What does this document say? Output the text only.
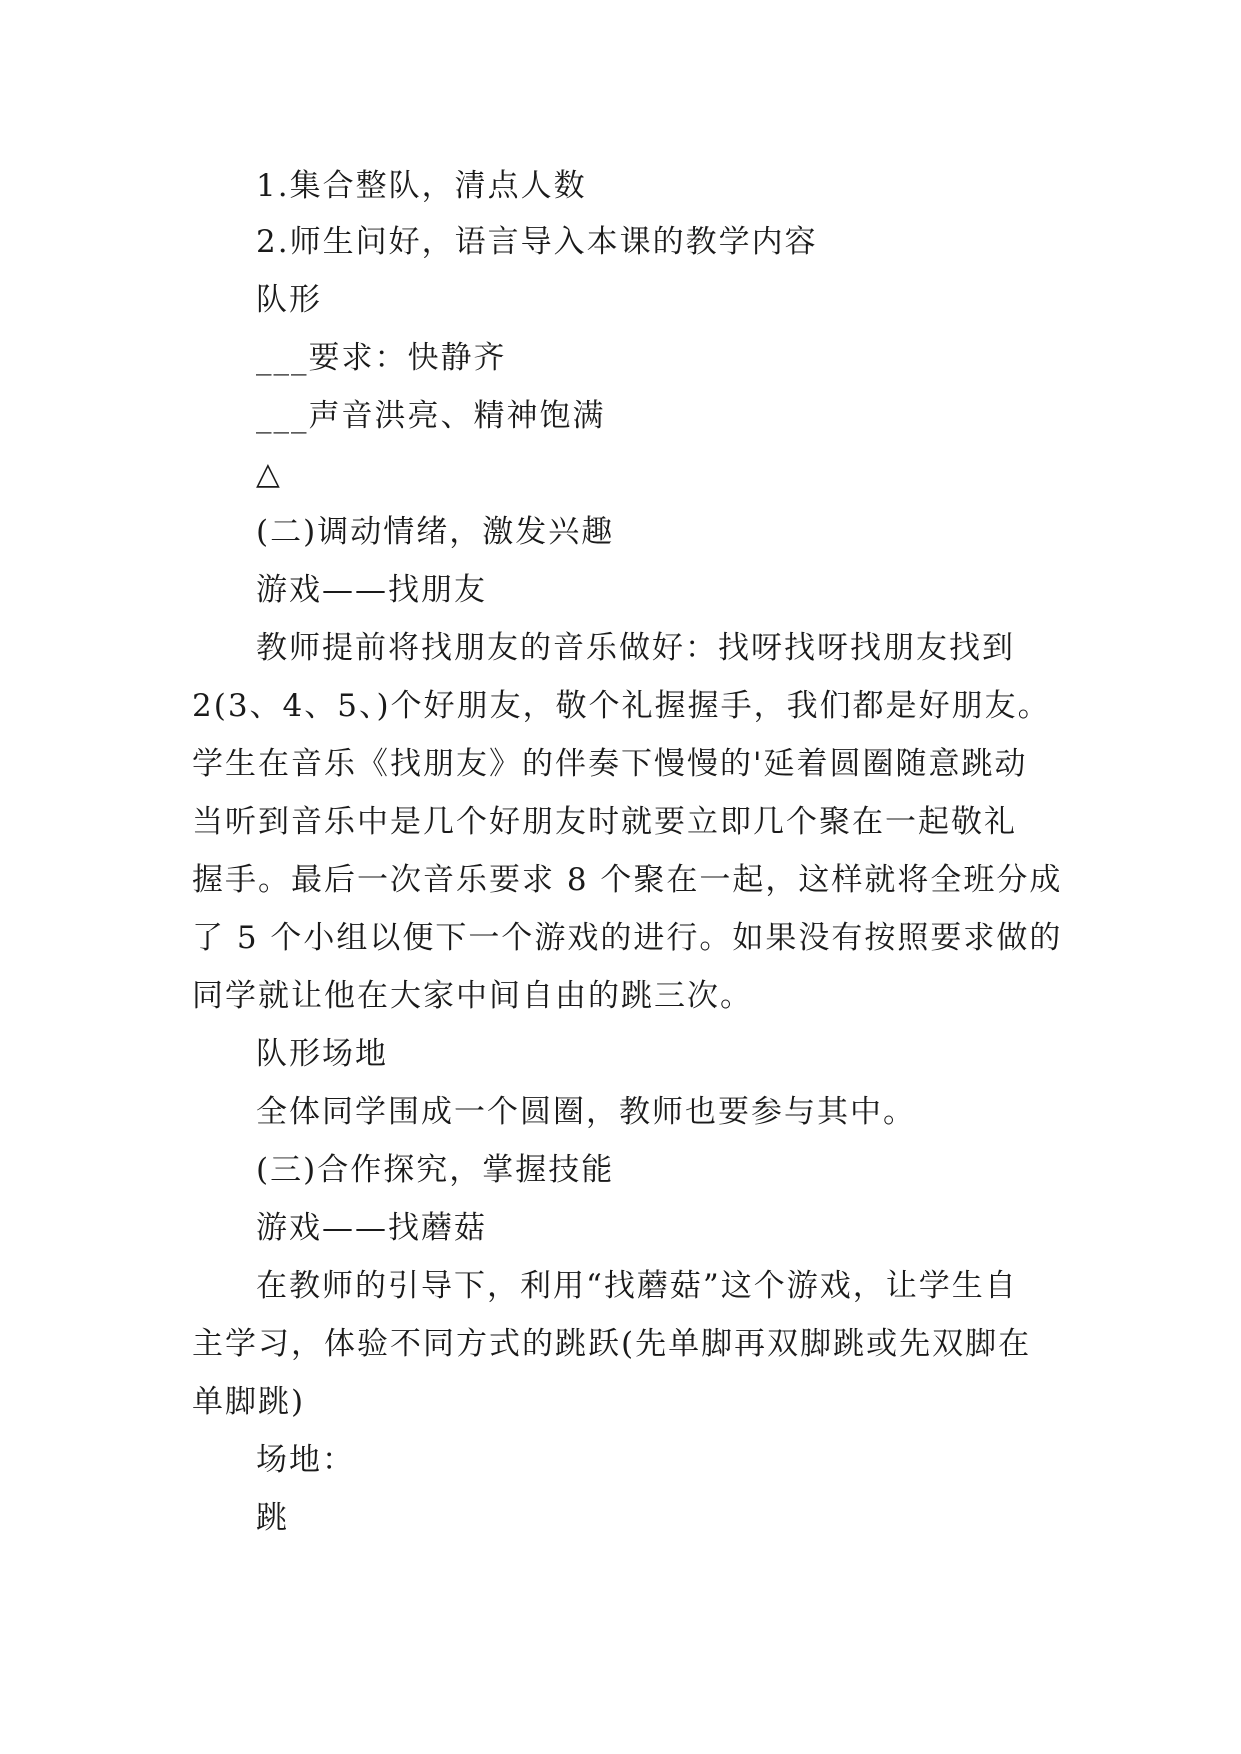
1.集合整队，清点人数
2.师生问好，语言导入本课的教学内容
队形
___要求：快静齐
___声音洪亮、精神饱满
△
(二)调动情绪，激发兴趣
游戏——找朋友
教师提前将找朋友的音乐做好：找呀找呀找朋友找到
2(3、4、5、)个好朋友，敬个礼握握手，我们都是好朋友。
学生在音乐《找朋友》的伴奏下慢慢的'延着圆圈随意跳动
当听到音乐中是几个好朋友时就要立即几个聚在一起敬礼
握手。最后一次音乐要求 8 个聚在一起，这样就将全班分成
了 5 个小组以便下一个游戏的进行。如果没有按照要求做的
同学就让他在大家中间自由的跳三次。
队形场地
全体同学围成一个圆圈，教师也要参与其中。
(三)合作探究，掌握技能
游戏——找蘑菇
在教师的引导下，利用“找蘑菇”这个游戏，让学生自
主学习，体验不同方式的跳跃(先单脚再双脚跳或先双脚在
单脚跳)
场地：
跳
